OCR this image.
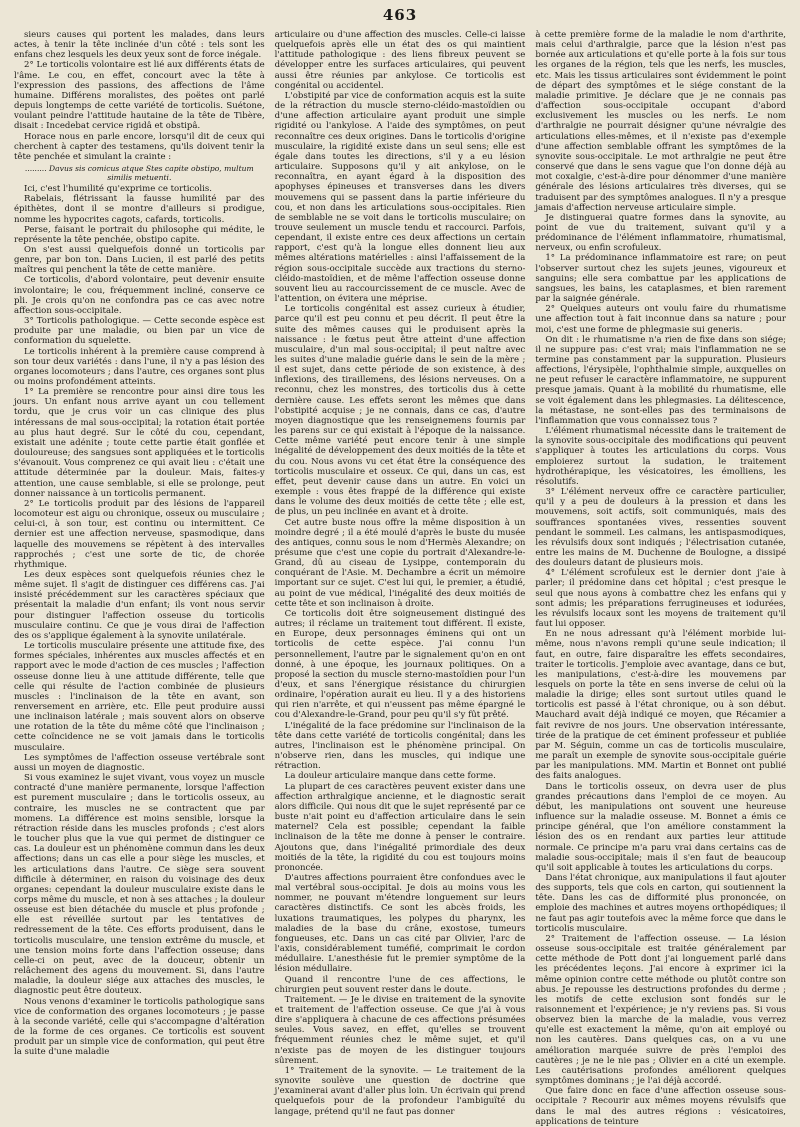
463

sieurs causes qui portent les malades, dans leurs actes, à tenir la tête inclinée d'un côté : tels sont les enfans chez lesquels les deux yeux sont de force inégale.

2° Le torticolis volontaire est lié aux différents états de l'âme. Le cou, en effet, concourt avec la tête à l'expression des passions, des affections de l'âme humaine. Différens moralistes, des poëtes ont parlé depuis longtemps de cette variété de torticolis. Suétone, voulant peindre l'attitude hautaine de la tête de Tibère, disait : Incedebat cervice rigidâ et obstipâ.

Horace nous en parle encore, lorsqu'il dit de ceux qui cherchent à capter des testamens, qu'ils doivent tenir la tête penchée et simulant la crainte :

......... Davus sis comicus atque Stes capite obstipo, multum similis metuenti.

Ici, c'est l'humilité qu'exprime ce torticolis.

Rabelais, flétrissant la fausse humilité par des épithètes, dont il se montre d'ailleurs si prodigue, nomme les hypocrites cagots, cafards, torticolis.

Perse, faisant le portrait du philosophe qui médite, le représente la tête penchée, obstipo capite.

On s'est aussi quelquefois donné un torticolis par genre, par bon ton. Dans Lucien, il est parlé des petits maîtres qui penchent la tête de cette manière.

Ce torticolis, d'abord volontaire, peut devenir ensuite involontaire; le cou, fréquemment incliné, conserve ce pli. Je crois qu'on ne confondra pas ce cas avec notre affection sous-occipitale.

3° Torticolis pathologique. — Cette seconde espèce est produite par une maladie, ou bien par un vice de conformation du squelette.

Le torticolis inhérent à la première cause comprend à son tour deux variétés : dans l'une, il n'y a pas lésion des organes locomoteurs ; dans l'autre, ces organes sont plus ou moins profondément atteints.

1° La première se rencontre pour ainsi dire tous les jours. Un enfant nous arrive ayant un cou tellement tordu, que je crus voir un cas clinique des plus intéressans de mal sous-occipital; la rotation était portée au plus haut degré. Sur le côté du cou, cependant, existait une adénite ; toute cette partie était gonflée et douloureuse; des sangsues sont appliquées et le torticolis s'évanouit. Vous comprenez ce qui avait lieu : c'était une attitude déterminée par la douleur. Mais, faites-y attention, une cause semblable, si elle se prolonge, peut donner naissance à un torticolis permanent.

2° Le torticolis produit par des lésions de l'appareil locomoteur est aigu ou chronique, osseux ou musculaire ; celui-ci, à son tour, est continu ou intermittent. Ce dernier est une affection nerveuse, spasmodique, dans laquelle des mouvemens se répètent à des intervalles rapprochés ; c'est une sorte de tic, de chorée rhythmique.

Les deux espèces sont quelquefois réunies chez le même sujet. Il s'agit de distinguer ces différens cas. J'ai insisté précédemment sur les caractères spéciaux que présentait la maladie d'un enfant; ils vont nous servir pour distinguer l'affection osseuse du torticolis musculaire continu. Ce que je vous dirai de l'affection des os s'applique également à la synovite unilatérale.

Le torticolis musculaire présente une attitude fixe, des formes spéciales, inhérentes aux muscles affectés et en rapport avec le mode d'action de ces muscles ; l'affection osseuse donne lieu à une attitude différente, telle que celle qui résulte de l'action combinée de plusieurs muscles : l'inclinaison de la tête en avant, son renversement en arrière, etc. Elle peut produire aussi une inclinaison latérale ; mais souvent alors on observe une rotation de la tête du même côté que l'inclinaison ; cette coïncidence ne se voit jamais dans le torticolis musculaire.

Les symptômes de l'affection osseuse vertébrale sont aussi un moyen de diagnostic.

Si vous examinez le sujet vivant, vous voyez un muscle contracté d'une manière permanente, lorsque l'affection est purement musculaire ; dans le torticolis osseux, au contraire, les muscles ne se contractent que par momens. La différence est moins sensible, lorsque la rétraction réside dans les muscles profonds ; c'est alors le toucher plus que la vue qui permet de distinguer ce cas. La douleur est un phénomène commun dans les deux affections; dans un cas elle a pour siège les muscles, et les articulations dans l'autre. Ce siège sera souvent difficile à déterminer, en raison du voisinage des deux organes: cependant la douleur musculaire existe dans le corps même du muscle, et non à ses attaches ; la douleur osseuse est bien détachée du muscle et plus profonde ; elle est réveillée surtout par les tentatives de redressement de la tête. Ces efforts produisent, dans le torticolis musculaire, une tension extrême du muscle, et une tension moins forte dans l'affection osseuse; dans celle-ci on peut, avec de la douceur, obtenir un relâchement des agens du mouvement. Si, dans l'autre maladie, la douleur siége aux attaches des muscles, le diagnostic peut être douteux.

Nous venons d'examiner le torticolis pathologique sans vice de conformation des organes locomoteurs ; je passe à la seconde variété, celle qui s'accompagne d'altération de la forme de ces organes. Ce torticolis est souvent produit par un simple vice de conformation, qui peut être la suite d'une maladie

articulaire ou d'une affection des muscles. Celle-ci laisse quelquefois après elle un état des os qui maintient l'attitude pathologique : des liens fibreux peuvent se développer entre les surfaces articulaires, qui peuvent aussi être réunies par ankylose. Ce torticolis est congénital ou accidentel.

L'obstipité par vice de conformation acquis est la suite de la rétraction du muscle sterno-cléido-mastoïdien ou d'une affection articulaire ayant produit une simple rigidité ou l'ankylose. A l'aide des symptômes, on peut reconnaître ces deux origines. Dans le torticolis d'origine musculaire, la rigidité existe dans un seul sens; elle est égale dans toutes les directions, s'il y a eu lésion articulaire. Supposons qu'il y ait ankylose, on le reconnaîtra, en ayant égard à la disposition des apophyses épineuses et transverses dans les divers mouvemens qui se passent dans la partie inférieure du cou, et non dans les articulations sous-occipitales. Rien de semblable ne se voit dans le torticolis musculaire; on trouve seulement un muscle tendu et raccourci. Parfois, cependant, il existe entre ces deux affections un certain rapport, c'est qu'à la longue elles donnent lieu aux mêmes altérations matérielles : ainsi l'affaissement de la région sous-occipitale succède aux tractions du sterno-cléido-mastoïdien, et de même l'affection osseuse donne souvent lieu au raccourcissement de ce muscle. Avec de l'attention, on évitera une méprise.

Le torticolis congénital est assez curieux à étudier, parce qu'il est peu connu et peu décrit. Il peut être la suite des mêmes causes qui le produisent après la naissance : le fœtus peut être atteint d'une affection musculaire, d'un mal sous-occipital; il peut naître avec les suites d'une maladie guérie dans le sein de la mère ; il est sujet, dans cette période de son existence, à des inflexions, des tiraillemens, des lésions nerveuses. On a reconnu, chez les monstres, des torticolis dus à cette dernière cause. Les effets seront les mêmes que dans l'obstipité acquise ; je ne connais, dans ce cas, d'autre moyen diagnostique que les renseignemens fournis par les parens sur ce qui existait à l'époque de la naissance. Cette même variété peut encore tenir à une simple inégalité de développement des deux moitiés de la tête et du cou. Nous avons vu cet état être la conséquence des torticolis musculaire et osseux. Ce qui, dans un cas, est effet, peut devenir cause dans un autre. En voici un exemple : vous êtes frappé de la différence qui existe dans le volume des deux moitiés de cette tête ; elle est, de plus, un peu inclinée en avant et à droite.

Cet autre buste nous offre la même disposition à un moindre degré ; il a été moulé d'après le buste du musée des antiques, connu sous le nom d'Hermès Alexandre; on présume que c'est une copie du portrait d'Alexandre-le-Grand, dû au ciseau de Lysippe, contemporain du conquérant de l'Asie. M. Dechambre a écrit un mémoire important sur ce sujet. C'est lui qui, le premier, a étudié, au point de vue médical, l'inégalité des deux moitiés de cette tête et son inclinaison à droite.

Ce torticolis doit être soigneusement distingué des autres; il réclame un traitement tout différent. Il existe, en Europe, deux personnages éminens qui ont un torticolis de cette espèce. J'ai connu l'un personnellement, l'autre par le signalement qu'on en ont donné, à une époque, les journaux politiques. On a proposé la section du muscle sterno-mastoïdien pour l'un d'eux, et sans l'énergique résistance du chirurgien ordinaire, l'opération aurait eu lieu. Il y a des historiens qui rien n'arrête, et qui n'eussent pas même épargné le cou d'Alexandre-le-Grand, pour peu qu'il s'y fût prêté.

L'inégalité de la face prédomine sur l'inclinaison de la tête dans cette variété de torticolis congénital; dans les autres, l'inclinaison est le phénomène principal. On n'observe rien, dans les muscles, qui indique une rétraction.

La douleur articulaire manque dans cette forme.

La plupart de ces caractères peuvent exister dans une affection arthralgique ancienne, et le diagnostic serait alors difficile. Qui nous dit que le sujet représenté par ce buste n'ait point eu d'affection articulaire dans le sein maternel? Cela est possible; cependant la faible inclinaison de la tête me donne à penser le contraire. Ajoutons que, dans l'inégalité primordiale des deux moitiés de la tête, la rigidité du cou est toujours moins prononcée.

D'autres affections pourraient être confondues avec le mal vertébral sous-occipital. Je dois au moins vous les nommer, ne pouvant m'étendre longuement sur leurs caractères distinctifs. Ce sont les abcès froids, les luxations traumatiques, les polypes du pharynx, les maladies de la base du crâne, exostose, tumeurs fongueuses, etc. Dans un cas cité par Olivier, l'arc de l'axis, considérablement tuméfié, comprimait le cordon médullaire. L'anesthésie fut le premier symptôme de la lésion médullaire.

Quand il rencontre l'une de ces affections, le chirurgien peut souvent rester dans le doute.

Traitement. — Je le divise en traitement de la synovite et traitement de l'affection osseuse. Ce que j'ai à vous dire s'appliquera à chacune de ces affections présumées seules. Vous savez, en effet, qu'elles se trouvent fréquemment réunies chez le même sujet, et qu'il n'existe pas de moyen de les distinguer toujours sûrement.

1° Traitement de la synovite. — Le traitement de la synovite soulève une question de doctrine que j'examinerai avant d'aller plus loin. Un écrivain qui prend quelquefois pour de la profondeur l'ambiguïté du langage, prétend qu'il ne faut pas donner

à cette première forme de la maladie le nom d'arthrite, mais celui d'arthralgie, parce que la lésion n'est pas bornée aux articulations et qu'elle porte à la fois sur tous les organes de la région, tels que les nerfs, les muscles, etc. Mais les tissus articulaires sont évidemment le point de départ des symptômes et le siége constant de la maladie primitive. Je déclare que je ne connais pas d'affection sous-occipitale occupant d'abord exclusivement les muscles ou les nerfs. Le nom d'arthralgie ne pourrait désigner qu'une névralgie des articulations elles-mêmes, et il n'existe pas d'exemple d'une affection semblable offrant les symptômes de la synovite sous-occipitale. Le mot arthralgie ne peut être conservé que dans le sens vague que l'on donne déjà au mot coxalgie, c'est-à-dire pour dénommer d'une manière générale des lésions articulaires très diverses, qui se traduisent par des symptômes analogues. Il n'y a presque jamais d'affection nerveuse articulaire simple.

Je distinguerai quatre formes dans la synovite, au point de vue du traitement, suivant qu'il y a prédominance de l'élément inflammatoire, rhumatismal, nerveux, ou enfin scrofuleux.

1° La prédominance inflammatoire est rare; on peut l'observer surtout chez les sujets jeunes, vigoureux et sanguins; elle sera combattue par les applications de sangsues, les bains, les cataplasmes, et bien rarement par la saignée générale.

2° Quelques auteurs ont voulu faire du rhumatisme une affection tout à fait inconnue dans sa nature ; pour moi, c'est une forme de phlegmasie sui generis.

On dit : le rhumatisme n'a rien de fixe dans son siége; il ne suppure pas: c'est vrai; mais l'inflammation ne se termine pas constamment par la suppuration. Plusieurs affections, l'érysipèle, l'ophthalmie simple, auxquelles on ne peut refuser le caractère inflammatoire, ne suppurent presque jamais. Quant à la mobilité du rhumatisme, elle se voit également dans les phlegmasies. La délitescence, la métastase, ne sont-elles pas des terminaisons de l'inflammation que vous connaissez tous ?

L'élément rhumatismal nécessite dans le traitement de la synovite sous-occipitale des modifications qui peuvent s'appliquer à toutes les articulations du corps. Vous emploierez surtout la sudation, le traitement hydrothérapique, les vésicatoires, les émolliens, les résolutifs.

3° L'élément nerveux offre ce caractère particulier, qu'il y a peu de douleurs à la pression et dans les mouvemens, soit actifs, soit communiqués, mais des souffrances spontanées vives, ressenties souvent pendant le sommeil. Les calmans, les antispasmodiques, les révulsifs doux sont indiqués ; l'électrisation cutanée, entre les mains de M. Duchenne de Boulogne, a dissipé des douleurs datant de plusieurs mois.

4° L'élément scrofuleux est le dernier dont j'aie à parler; il prédomine dans cet hôpital ; c'est presque le seul que nous ayons à combattre chez les enfans qui y sont admis; les préparations ferrugineuses et iodurées, les révulsifs locaux sont les moyens de traitement qu'il faut lui opposer.

En ne nous adressant qu'à l'élément morbide lui-même, nous n'avons rempli qu'une seule indication; il faut, en outre, faire disparaître les effets secondaires, traiter le torticolis. J'emploie avec avantage, dans ce but, les manipulations, c'est-à-dire les mouvemens par lesquels on porte la tête en sens inverse de celui où la maladie la dirige; elles sont surtout utiles quand le torticolis est passé à l'état chronique, ou à son début. Mauchard avait déjà indiqué ce moyen, que Récamier a fait revivre de nos jours. Une observation intéressante, tirée de la pratique de cet éminent professeur et publiée par M. Séguin, comme un cas de torticolis musculaire, me paraît un exemple de synovite sous-occipitale guérie par les manipulations. MM. Martin et Bonnet ont publié des faits analogues.

Dans le torticolis osseux, on devra user de plus grandes précautions dans l'emploi de ce moyen. Au début, les manipulations ont souvent une heureuse influence sur la maladie osseuse. M. Bonnet a émis ce principe général, que l'on améliore constamment la lésion des os en rendant aux parties leur attitude normale. Ce principe m'a paru vrai dans certains cas de maladie sous-occipitale; mais il s'en faut de beaucoup qu'il soit applicable à toutes les articulations du corps.

Dans l'état chronique, aux manipulations il faut ajouter des supports, tels que cols en carton, qui soutiennent la tête. Dans les cas de difformité plus prononcée, on emploie des machines et autres moyens orthopédiques; il ne faut pas agir toutefois avec la même force que dans le torticolis musculaire.

2° Traitement de l'affection osseuse. — La lésion osseuse sous-occipitale est traitée généralement par cette méthode de Pott dont j'ai longuement parlé dans les précédentes leçons. J'ai encore à exprimer ici la même opinion contre cette méthode ou plutôt contre son abus. Je repousse les destructions profondes du derme ; les motifs de cette exclusion sont fondés sur le raisonnement et l'expérience; je n'y reviens pas. Si vous observez bien la marche de la maladie, vous verrez qu'elle est exactement la même, qu'on ait employé ou non les cautères. Dans quelques cas, on a vu une amélioration marquée suivre de près l'emploi des cautères ; je ne le nie pas ; Olivier en a cité un exemple. Les cautérisations profondes améliorent quelques symptômes dominans ; je l'ai déjà accordé.

Que faire donc en face d'une affection osseuse sous-occipitale ? Recourir aux mêmes moyens révulsifs que dans le mal des autres régions : vésicatoires, applications de teinture
